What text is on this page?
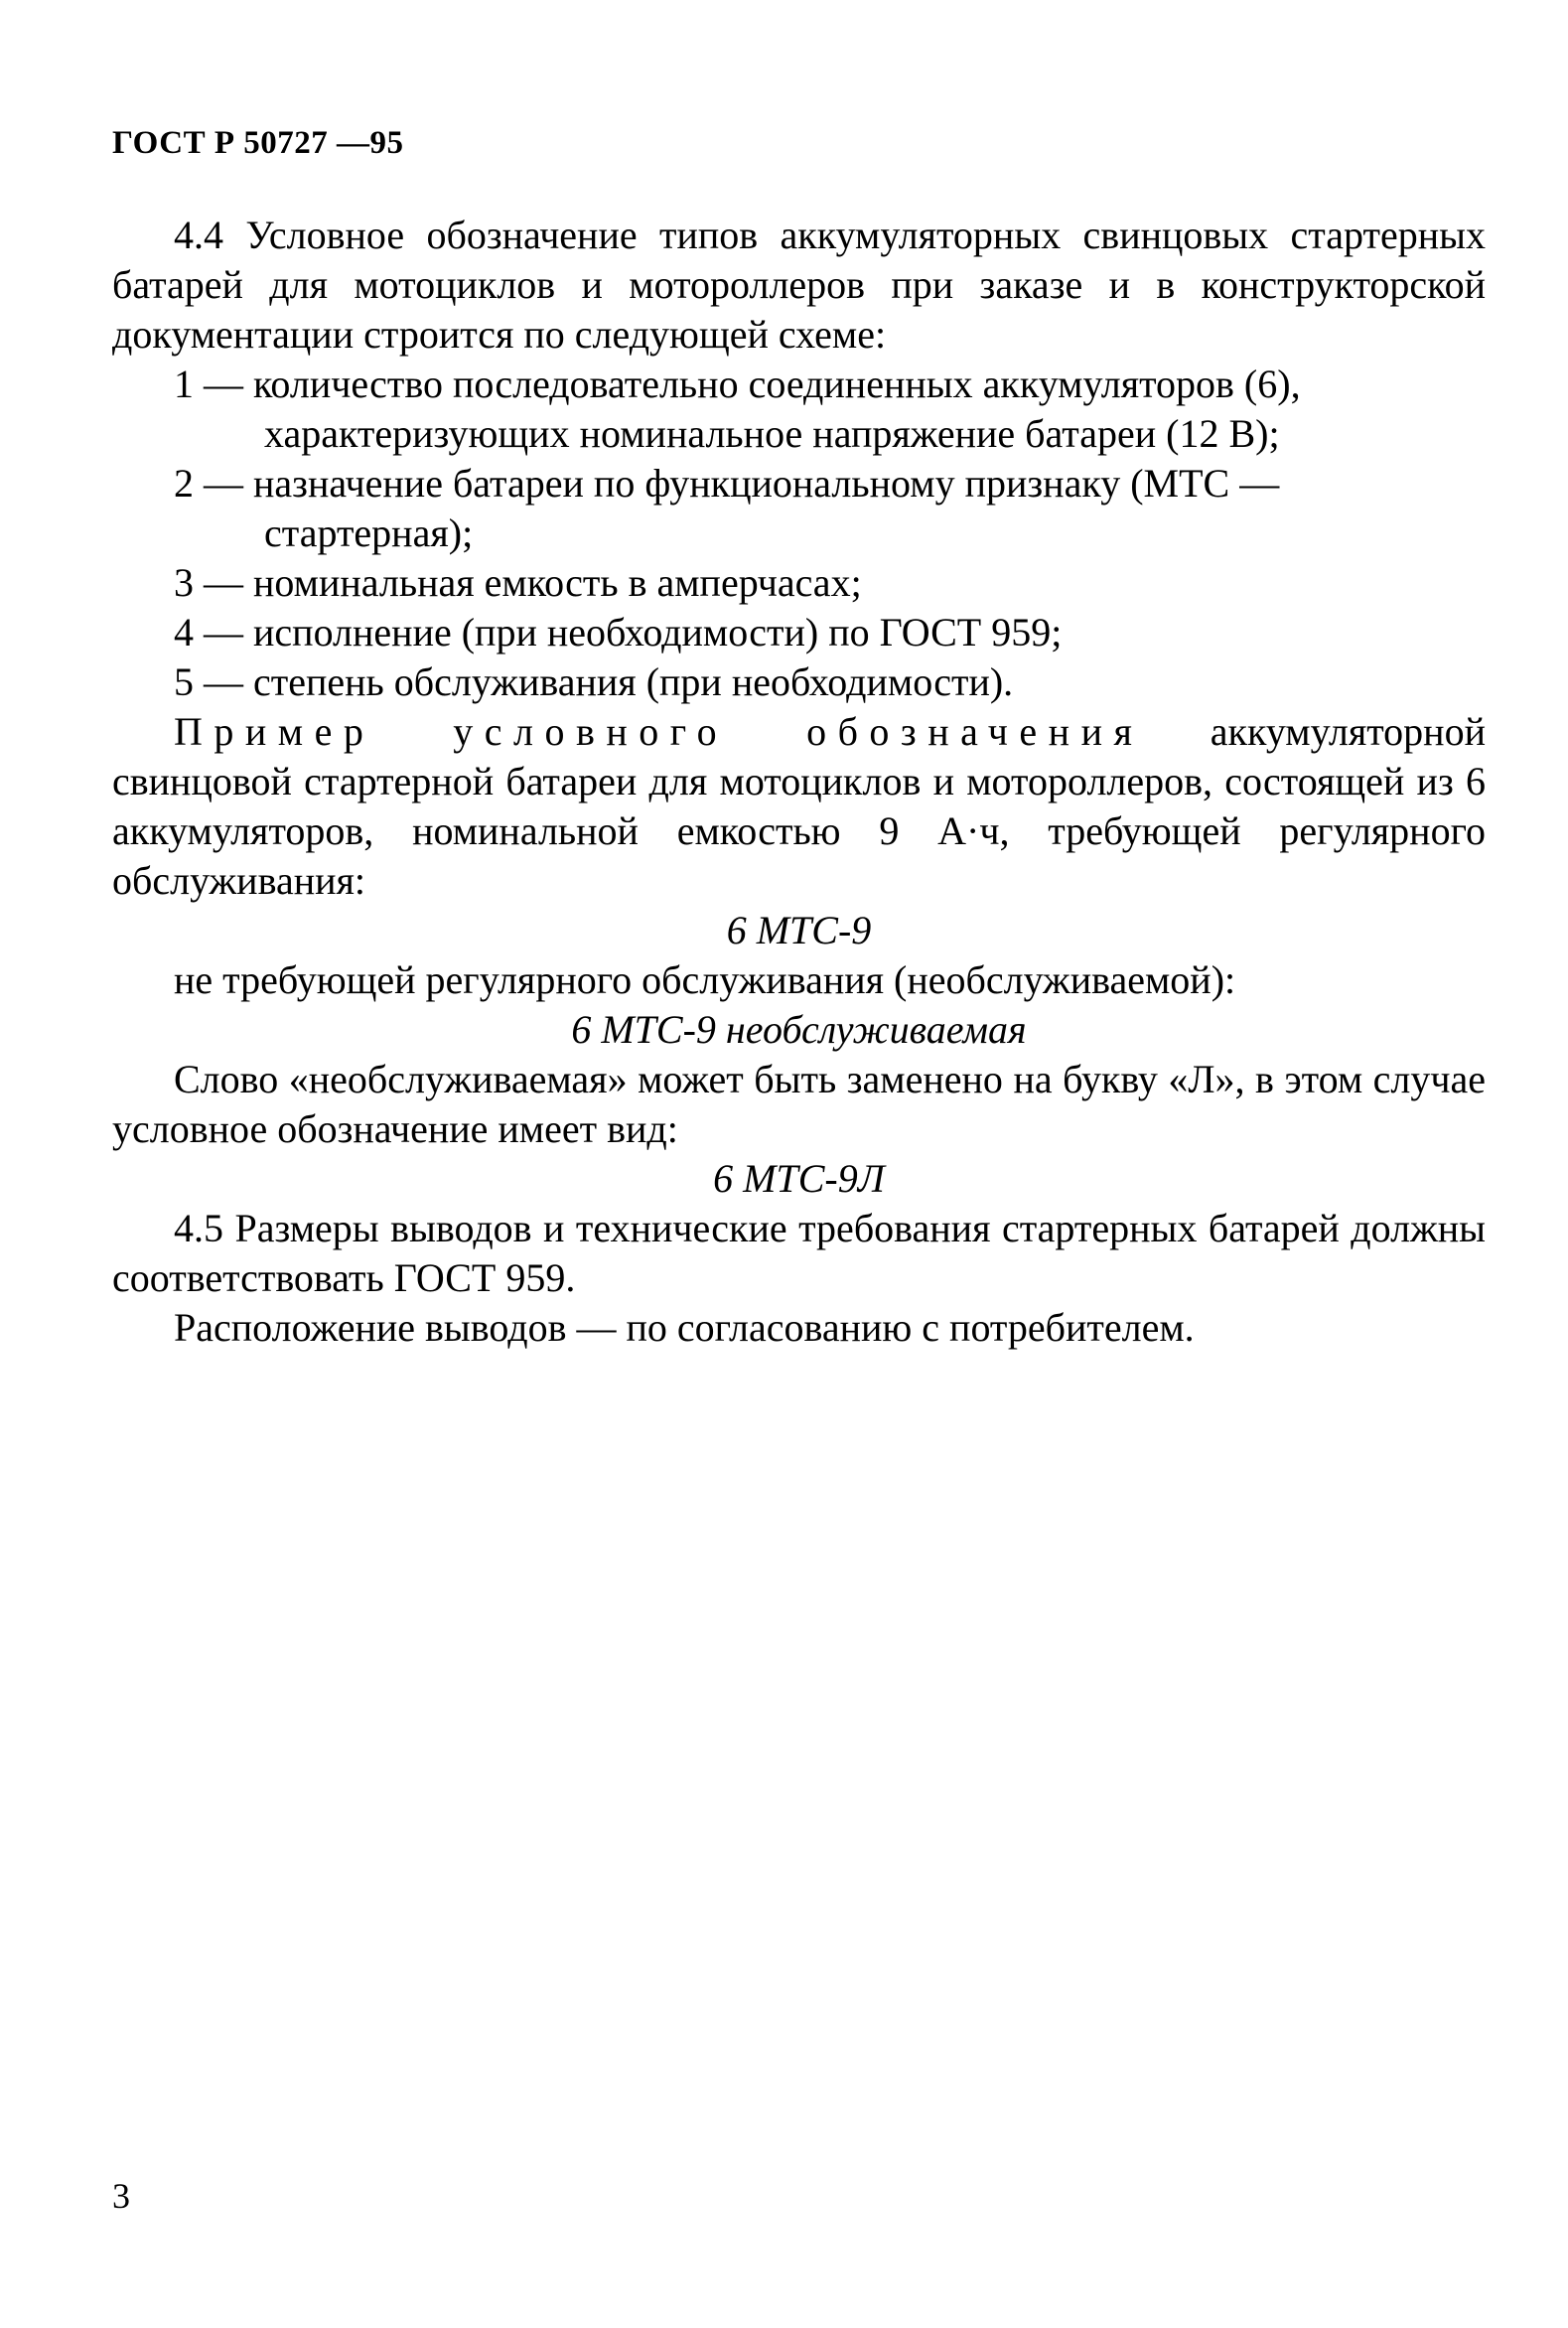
ГОСТ Р 50727 —95

4.4 Условное обозначение типов аккумуляторных свинцовых стартерных батарей для мотоциклов и мотороллеров при заказе и в конструкторской документации строится по следующей схеме:

1 — количество последовательно соединенных аккумуляторов (6), характеризующих номинальное напряжение батареи (12 В);

2 — назначение батареи по функциональному признаку (МТС — стартерная);

3 — номинальная емкость в амперчасах;

4 — исполнение (при необходимости) по ГОСТ 959;

5 — степень обслуживания (при необходимости).

Пример условного обозначения аккумуляторной свинцовой стартерной батареи для мотоциклов и мотороллеров, состоящей из 6 аккумуляторов, номинальной емкостью 9 А·ч, требующей регулярного обслуживания:

6 МТС-9

не требующей регулярного обслуживания (необслуживаемой):

6 МТС-9 необслуживаемая

Слово «необслуживаемая» может быть заменено на букву «Л», в этом случае условное обозначение имеет вид:

6 МТС-9Л

4.5 Размеры выводов и технические требования стартерных батарей должны соответствовать ГОСТ 959.

Расположение выводов — по согласованию с потребителем.

3
